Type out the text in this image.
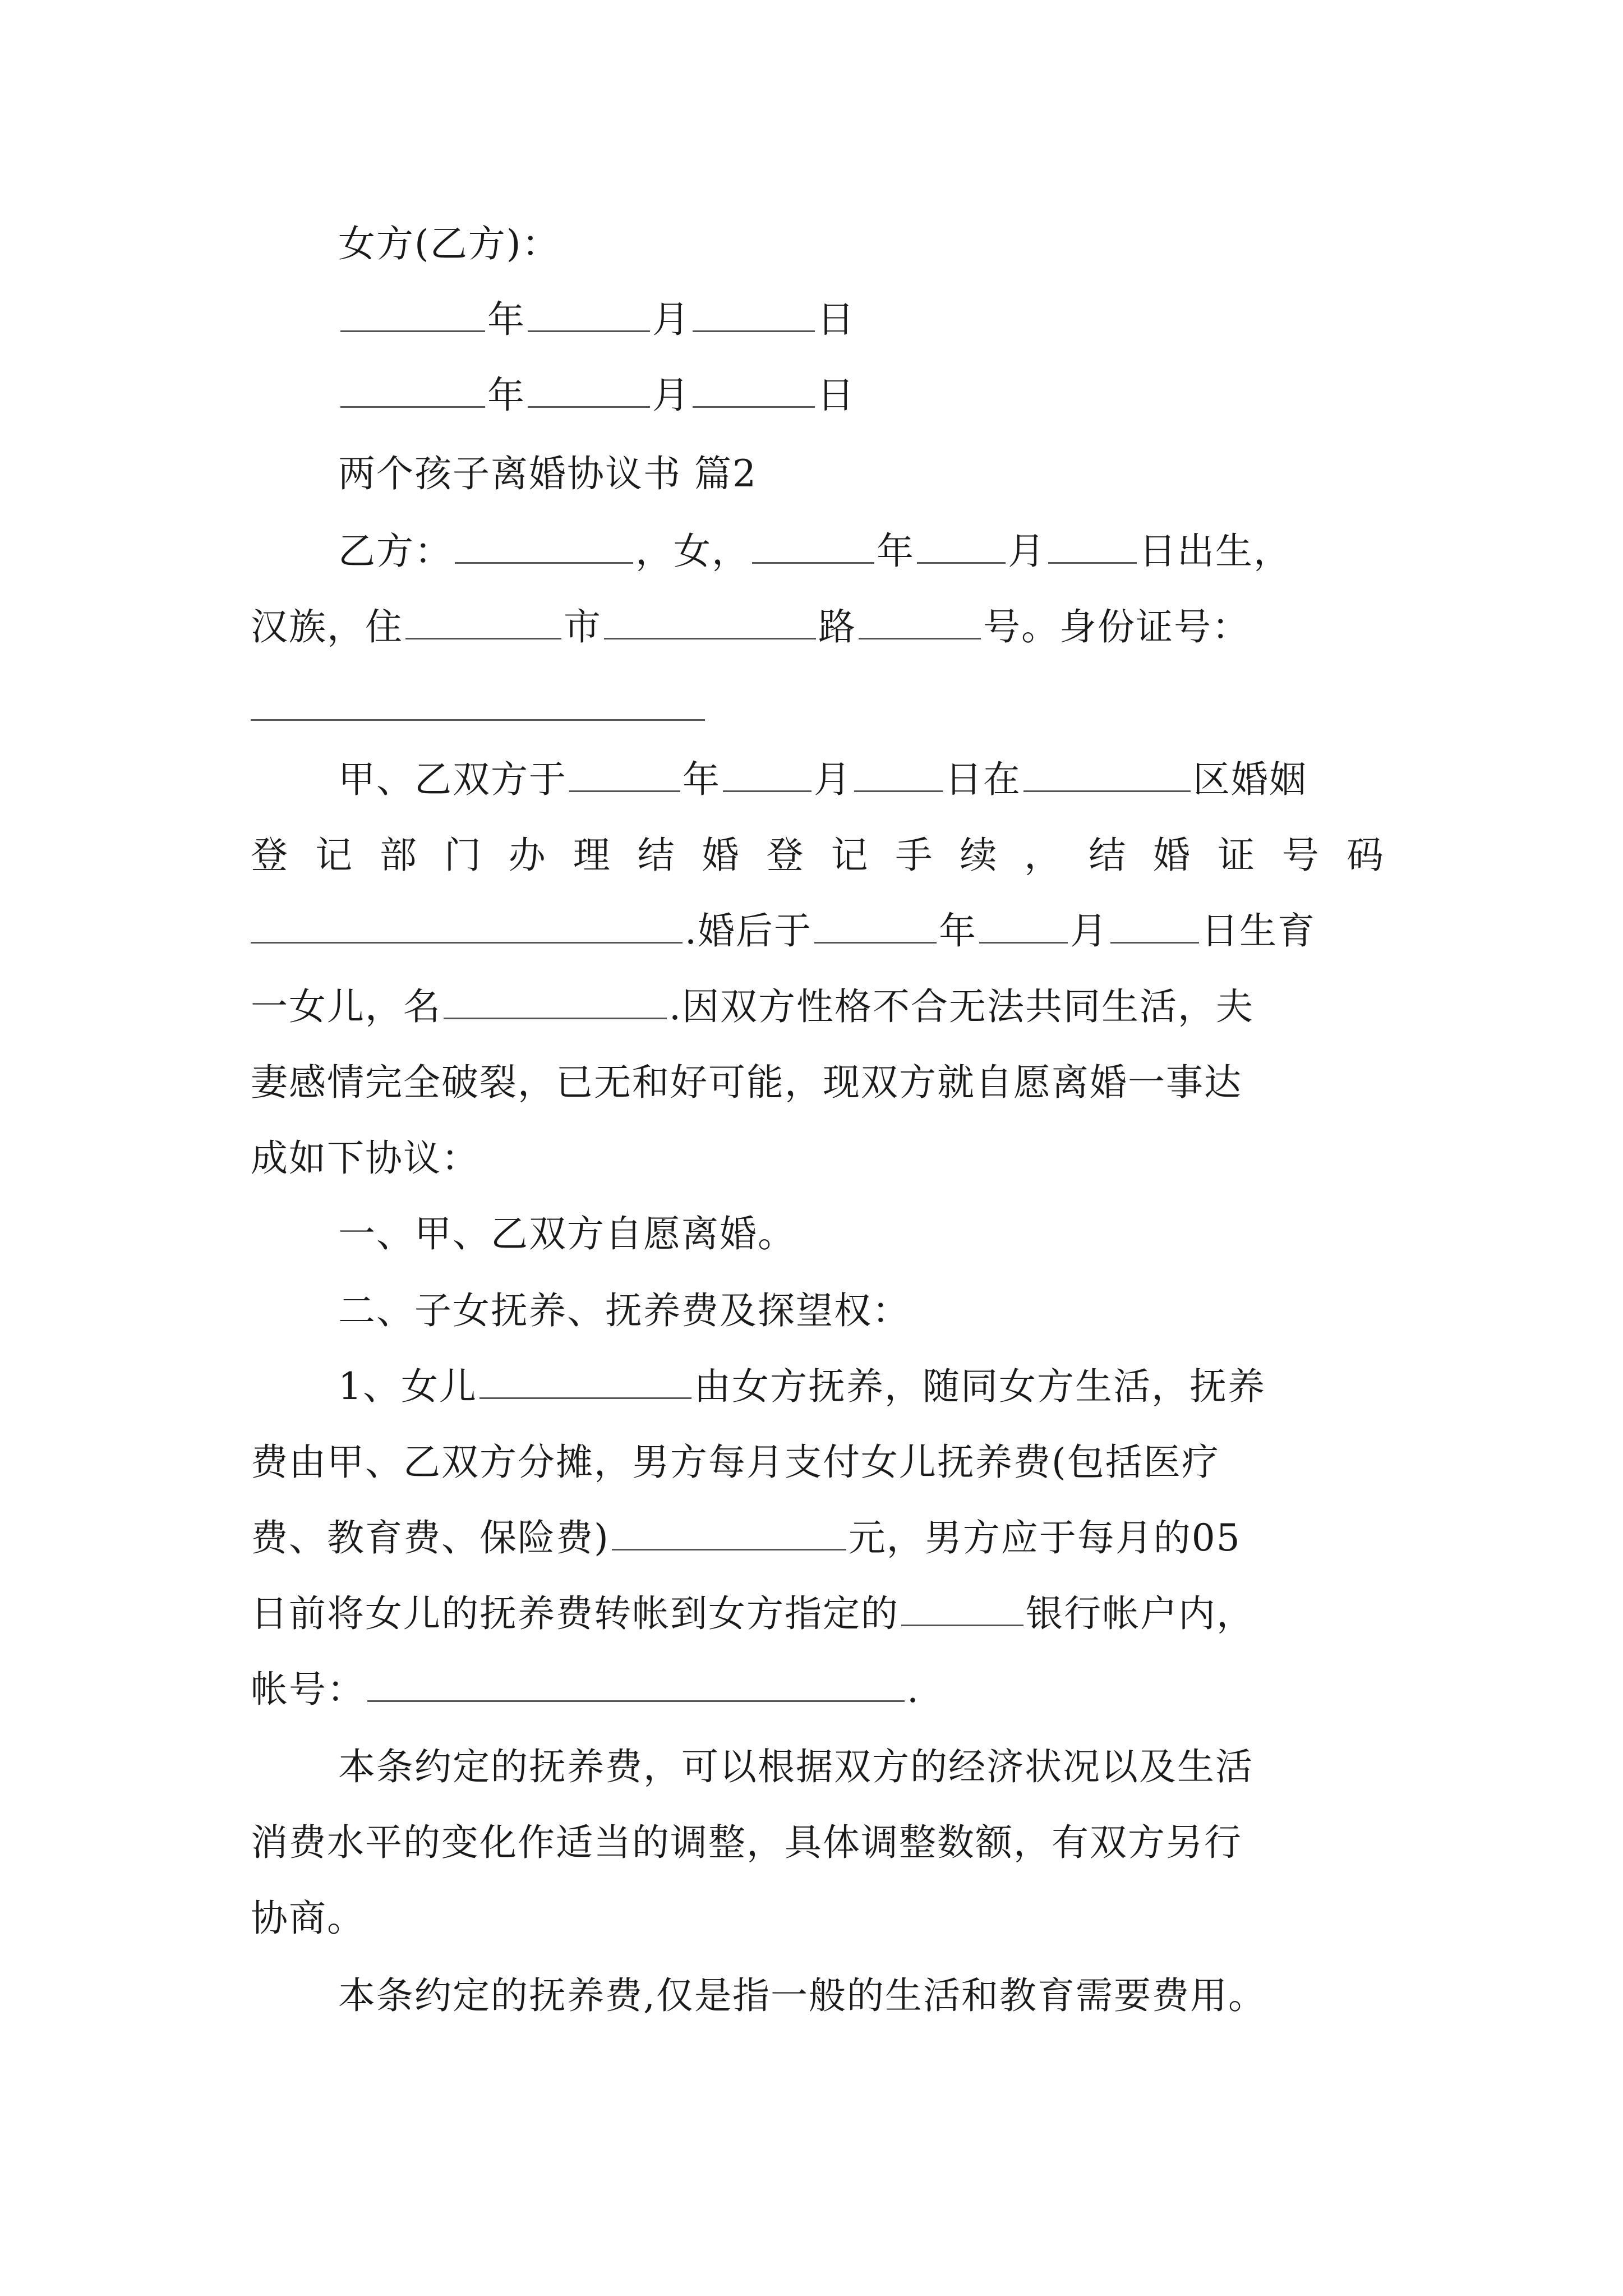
女方(乙方)：
年	月	日
年	月	日
两个孩子离婚协议书 篇2
乙方：	，女，	年	月	日出生，
汉族，住	市	路	号。身份证号：
甲、乙双方于	年	月	日在	区婚姻
登 记 部 门 办 理 结 婚 登 记 手 续 ， 结 婚 证 号 码
.婚后于	年	月	日生育
一女儿，名	.因双方性格不合无法共同生活，夫
妻感情完全破裂，已无和好可能，现双方就自愿离婚一事达
成如下协议：
一、甲、乙双方自愿离婚。
二、子女抚养、抚养费及探望权：
1、女儿	由女方抚养，随同女方生活，抚养
费由甲、乙双方分摊，男方每月支付女儿抚养费(包括医疗
费、教育费、保险费)	元，男方应于每月的05
日前将女儿的抚养费转帐到女方指定的	银行帐户内，
帐号：	.
本条约定的抚养费，可以根据双方的经济状况以及生活
消费水平的变化作适当的调整，具体调整数额，有双方另行
协商。
本条约定的抚养费,仅是指一般的生活和教育需要费用。
